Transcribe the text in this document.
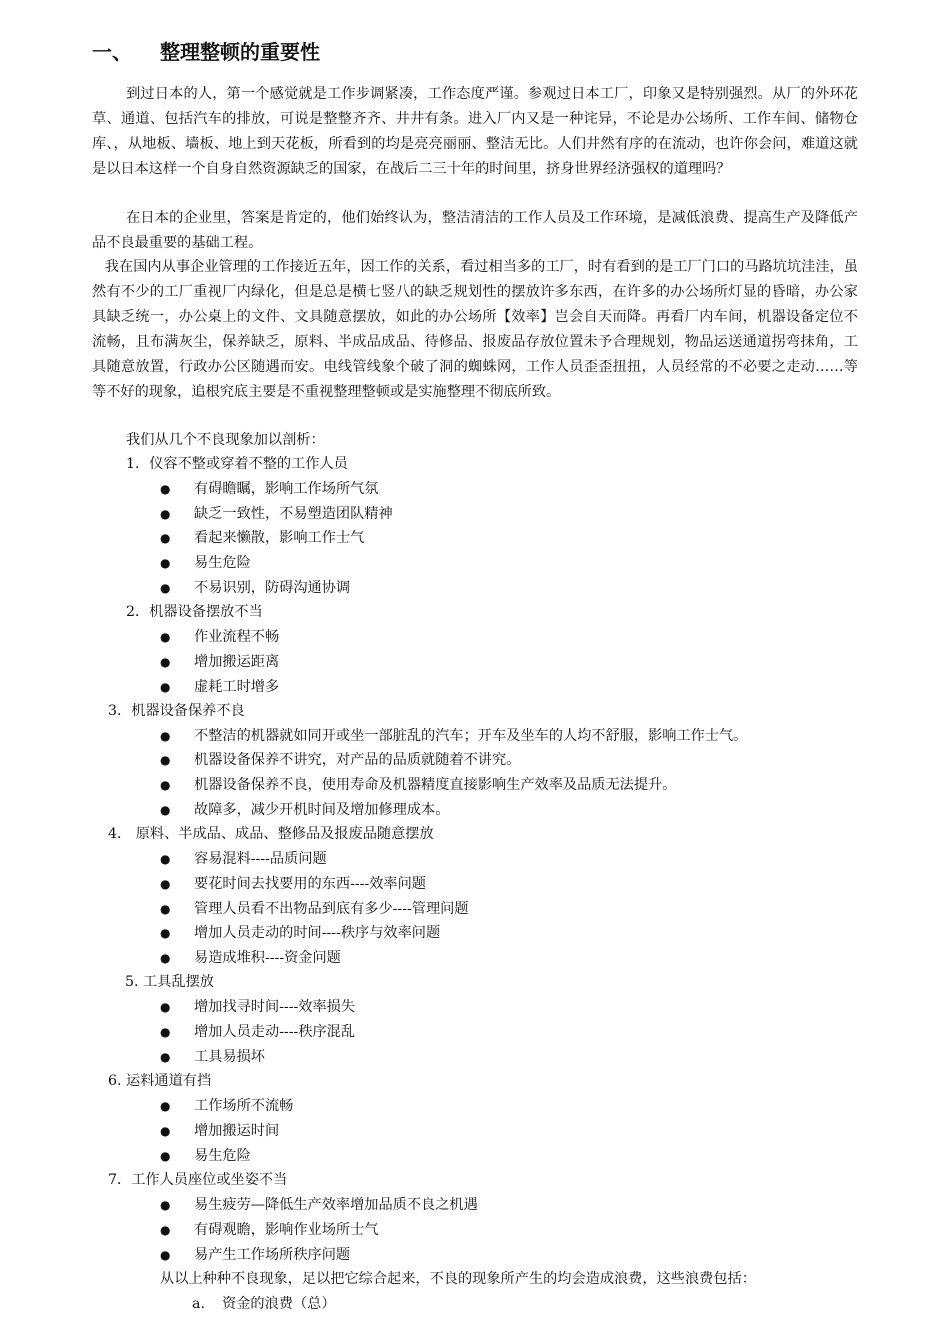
一、 整理整顿的重要性
到过日本的人，第一个感觉就是工作步调紧凑，工作态度严谨。参观过日本工厂，印象又是特别强烈。从厂的外环花草、通道、包括汽车的排放，可说是整整齐齐、井井有条。进入厂内又是一种诧异，不论是办公场所、工作车间、储物仓库、，从地板、墙板、地上到天花板，所看到的均是亮亮丽丽、整洁无比。人们井然有序的在流动，也许你会问，难道这就是以日本这样一个自身自然资源缺乏的国家，在战后二三十年的时间里，挤身世界经济强权的道理吗？
在日本的企业里，答案是肯定的，他们始终认为，整洁清洁的工作人员及工作环境，是减低浪费、提高生产及降低产品不良最重要的基础工程。
我在国内从事企业管理的工作接近五年，因工作的关系，看过相当多的工厂，时有看到的是工厂门口的马路坑坑洼洼，虽然有不少的工厂重视厂内绿化，但是总是横七竖八的缺乏规划性的摆放许多东西，在许多的办公场所灯显的昏暗，办公家具缺乏统一，办公桌上的文件、文具随意摆放，如此的办公场所【效率】岂会自天而降。再看厂内车间，机器设备定位不流畅，且布满灰尘，保养缺乏，原料、半成品成品、待修品、报废品存放位置未予合理规划，物品运送通道拐弯抹角，工具随意放置，行政办公区随遇而安。电线管线象个破了洞的蜘蛛网，工作人员歪歪扭扭，人员经常的不必要之走动……等等不好的现象，追根究底主要是不重视整理整顿或是实施整理不彻底所致。
我们从几个不良现象加以剖析：
1．仪容不整或穿着不整的工作人员
● 有碍瞻瞩，影响工作场所气氛
● 缺乏一致性，不易塑造团队精神
● 看起来懒散，影响工作士气
● 易生危险
● 不易识别，防碍沟通协调
2．机器设备摆放不当
● 作业流程不畅
● 增加搬运距离
● 虚耗工时增多
3．机器设备保养不良
● 不整洁的机器就如同开或坐一部脏乱的汽车；开车及坐车的人均不舒服，影响工作士气。
● 机器设备保养不讲究，对产品的品质就随着不讲究。
● 机器设备保养不良，使用寿命及机器精度直接影响生产效率及品质无法提升。
● 故障多，减少开机时间及增加修理成本。
4． 原料、半成品、成品、整修品及报废品随意摆放
● 容易混料----品质问题
● 要花时间去找要用的东西----效率问题
● 管理人员看不出物品到底有多少----管理问题
● 增加人员走动的时间----秩序与效率问题
● 易造成堆积----资金问题
5. 工具乱摆放
● 增加找寻时间----效率损失
● 增加人员走动----秩序混乱
● 工具易损坏
6. 运料通道有挡
● 工作场所不流畅
● 增加搬运时间
● 易生危险
7．工作人员座位或坐姿不当
● 易生疲劳—降低生产效率增加品质不良之机遇
● 有碍观瞻，影响作业场所士气
● 易产生工作场所秩序问题
从以上种种不良现象，足以把它综合起来，不良的现象所产生的均会造成浪费，这些浪费包括：
a. 资金的浪费（总）
